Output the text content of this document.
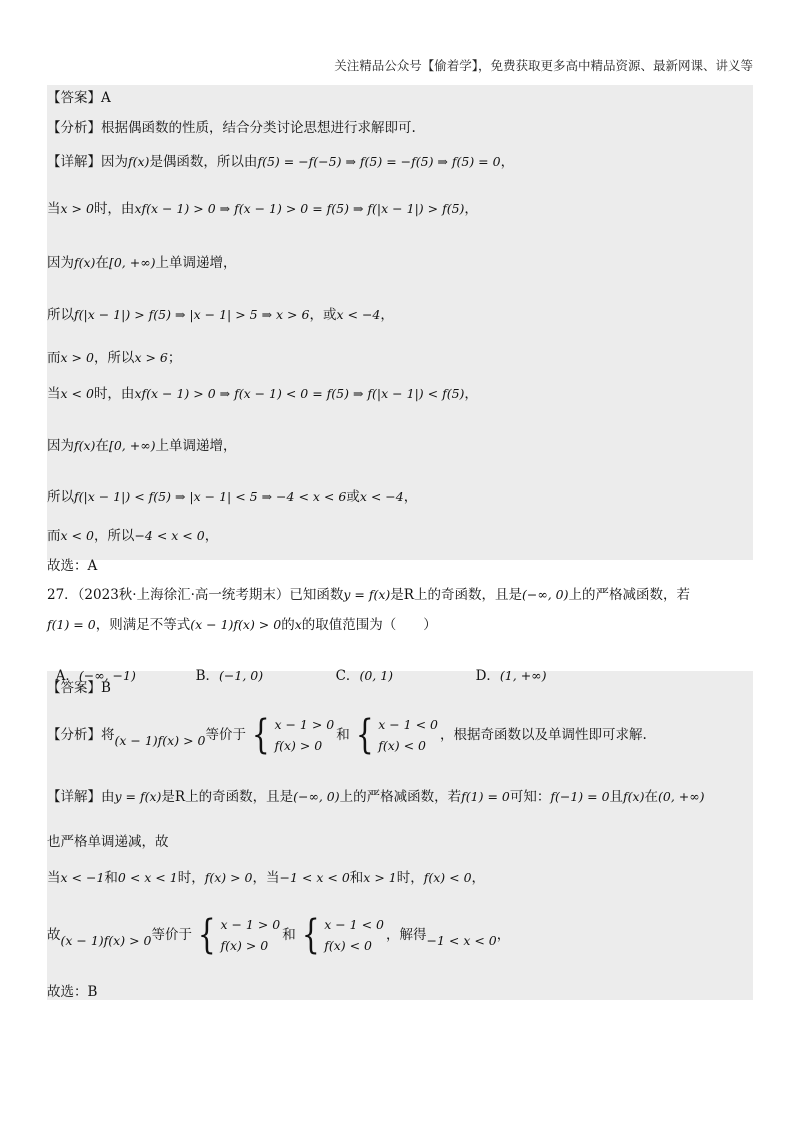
关注精品公众号【偷着学】，免费获取更多高中精品资源、最新网课、讲义等
【答案】 A
【分析】 根据偶函数的性质，结合分类讨论思想进行求解即可.
【详解】 因为 f(x) 是偶函数，所以由 f(5) = −f(−5) ⇒ f(5) = −f(5) ⇒ f(5) = 0 ，
当 x > 0 时，由 xf(x − 1) > 0 ⇒ f(x − 1) > 0 = f(5) ⇒ f(|x − 1|) > f(5) ，
因为 f(x) 在 [0, +∞) 上单调递增，
所以 f(|x − 1|) > f(5) ⇒ |x − 1| > 5 ⇒ x > 6 ，或 x < −4 ，
而 x > 0 ，所以 x > 6 ；
当 x < 0 时，由 xf(x − 1) > 0 ⇒ f(x − 1) < 0 = f(5) ⇒ f(|x − 1|) < f(5) ，
因为 f(x) 在 [0, +∞) 上单调递增，
所以 f(|x − 1|) < f(5) ⇒ |x − 1| < 5 ⇒ −4 < x < 6 或 x < −4 ，
而 x < 0 ，所以 −4 < x < 0 ，
故选：A
27．（2023秋·上海徐汇·高一统考期末）已知函数 y = f(x) 是R上的奇函数，且是 (−∞, 0) 上的严格减函数，若
f(1) = 0 ，则满足不等式 (x − 1)f(x) > 0 的 x 的取值范围为（　　）

A．(−∞, −1)	B．(−1, 0)	C．(0, 1)	D．(1, +∞)

【答案】 B
【分析】 将 (x − 1)f(x) > 0 等价于 { x − 1 > 0
f(x) > 0
和 { x − 1 < 0
f(x) < 0
，根据奇函数以及单调性即可求解.
【详解】由 y = f(x) 是R上的奇函数，且是 (−∞, 0) 上的严格减函数，若 f(1) = 0 可知： f(−1) = 0 且 f(x) 在 (0, +∞)
也严格单调递减，故
当 x < −1 和 0 < x < 1 时， f(x) > 0 ，当 −1 < x < 0 和 x > 1 时， f(x) < 0 ，
故 (x − 1)f(x) > 0 等价于 { x − 1 > 0
f(x) > 0
和 { x − 1 < 0
f(x) < 0
，解得 −1 < x < 0 ，
故选：B
